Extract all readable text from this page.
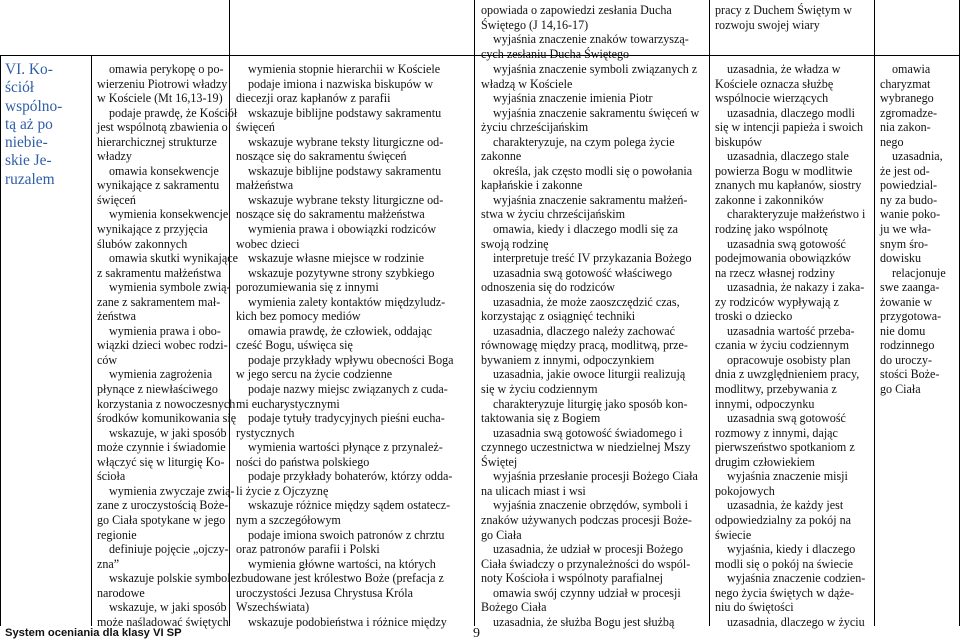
VI. Ko-
ściół
wspólno-
tą aż po
niebie-
skie Je-
ruzalem
omawia perykopę o po-
wierzeniu Piotrowi władzy
w Kościele (Mt 16,13-19)
podaje prawdę, że Kościół
jest wspólnotą zbawienia o
hierarchicznej strukturze
władzy
omawia konsekwencje
wynikające z sakramentu
święceń
wymienia konsekwencje
wynikające z przyjęcia
ślubów zakonnych
omawia skutki wynikające
z sakramentu małżeństwa
wymienia symbole zwią-
zane z sakramentem mał-
żeństwa
wymienia prawa i obo-
wiązki dzieci wobec rodzi-
ców
wymienia zagrożenia
płynące z niewłaściwego
korzystania z nowoczesnych
środków komunikowania się
wskazuje, w jaki sposób
może czynnie i świadomie
włączyć się w liturgię Ko-
ścioła
wymienia zwyczaje zwią-
zane z uroczystością Boże-
go Ciała spotykane w jego
regionie
definiuje pojęcie „ojczy-
zna”
wskazuje polskie symbole
narodowe
wskazuje, w jaki sposób
może naśladować świętych
wymienia stopnie hierarchii w Kościele
podaje imiona i nazwiska biskupów w
diecezji oraz kapłanów z parafii
wskazuje biblijne podstawy sakramentu
święceń
wskazuje wybrane teksty liturgiczne od-
noszące się do sakramentu święceń
wskazuje biblijne podstawy sakramentu
małżeństwa
wskazuje wybrane teksty liturgiczne od-
noszące się do sakramentu małżeństwa
wymienia prawa i obowiązki rodziców
wobec dzieci
wskazuje własne miejsce w rodzinie
wskazuje pozytywne strony szybkiego
porozumiewania się z innymi
wymienia zalety kontaktów międzyludz-
kich bez pomocy mediów
omawia prawdę, że człowiek, oddając
cześć Bogu, uświęca się
podaje przykłady wpływu obecności Boga
w jego sercu na życie codzienne
podaje nazwy miejsc związanych z cuda-
mi eucharystycznymi
podaje tytuły tradycyjnych pieśni eucha-
rystycznych
wymienia wartości płynące z przynależ-
ności do państwa polskiego
podaje przykłady bohaterów, którzy odda-
li życie z Ojczyznę
wskazuje różnice między sądem ostatecz-
nym a szczegółowym
podaje imiona swoich patronów z chrztu
oraz patronów parafii i Polski
wymienia główne wartości, na których
zbudowane jest królestwo Boże (prefacja z
uroczystości Jezusa Chrystusa Króla
Wszechświata)
wskazuje podobieństwa i różnice między
opowiada o zapowiedzi zesłania Ducha
Świętego (J 14,16-17)
wyjaśnia znaczenie znaków towarzyszą-
cych zesłaniu Ducha Świętego
wyjaśnia znaczenie symboli związanych z
władzą w Kościele
wyjaśnia znaczenie imienia Piotr
wyjaśnia znaczenie sakramentu święceń w
życiu chrześcijańskim
charakteryzuje, na czym polega życie
zakonne
określa, jak często modli się o powołania
kapłańskie i zakonne
wyjaśnia znaczenie sakramentu małżeń-
stwa w życiu chrześcijańskim
omawia, kiedy i dlaczego modli się za
swoją rodzinę
interpretuje treść IV przykazania Bożego
uzasadnia swą gotowość właściwego
odnoszenia się do rodziców
uzasadnia, że może zaoszczędzić czas,
korzystając z osiągnięć techniki
uzasadnia, dlaczego należy zachować
równowagę między pracą, modlitwą, prze-
bywaniem z innymi, odpoczynkiem
uzasadnia, jakie owoce liturgii realizują
się w życiu codziennym
charakteryzuje liturgię jako sposób kon-
taktowania się z Bogiem
uzasadnia swą gotowość świadomego i
czynnego uczestnictwa w niedzielnej Mszy
Świętej
wyjaśnia przesłanie procesji Bożego Ciała
na ulicach miast i wsi
wyjaśnia znaczenie obrzędów, symboli i
znaków używanych podczas procesji Boże-
go Ciała
uzasadnia, że udział w procesji Bożego
Ciała świadczy o przynależności do wspól-
noty Kościoła i wspólnoty parafialnej
omawia swój czynny udział w procesji
Bożego Ciała
uzasadnia, że służba Bogu jest służbą
pracy z Duchem Świętym w
rozwoju swojej wiary
uzasadnia, że władza w
Kościele oznacza służbę
wspólnocie wierzących
uzasadnia, dlaczego modli
się w intencji papieża i swoich
biskupów
uzasadnia, dlaczego stale
powierza Bogu w modlitwie
znanych mu kapłanów, siostry
zakonne i zakonników
charakteryzuje małżeństwo i
rodzinę jako wspólnotę
uzasadnia swą gotowość
podejmowania obowiązków
na rzecz własnej rodziny
uzasadnia, że nakazy i zaka-
zy rodziców wypływają z
troski o dziecko
uzasadnia wartość przeba-
czania w życiu codziennym
opracowuje osobisty plan
dnia z uwzględnieniem pracy,
modlitwy, przebywania z
innymi, odpoczynku
uzasadnia swą gotowość
rozmowy z innymi, dając
pierwszeństwo spotkaniom z
drugim człowiekiem
wyjaśnia znaczenie misji
pokojowych
uzasadnia, że każdy jest
odpowiedzialny za pokój na
świecie
wyjaśnia, kiedy i dlaczego
modli się o pokój na świecie
wyjaśnia znaczenie codzien-
nego życia świętych w dąże-
niu do świętości
uzasadnia, dlaczego w życiu
omawia
charyzmat
wybranego
zgromadze-
nia zakon-
nego
uzasadnia,
że jest od-
powiedzial-
ny za budo-
wanie poko-
ju we wła-
snym śro-
dowisku
relacjonuje
swe zaanga-
żowanie w
przygotowa-
nie domu
rodzinnego
do uroczy-
stości Boże-
go Ciała
System oceniania dla klasy VI SP	9
